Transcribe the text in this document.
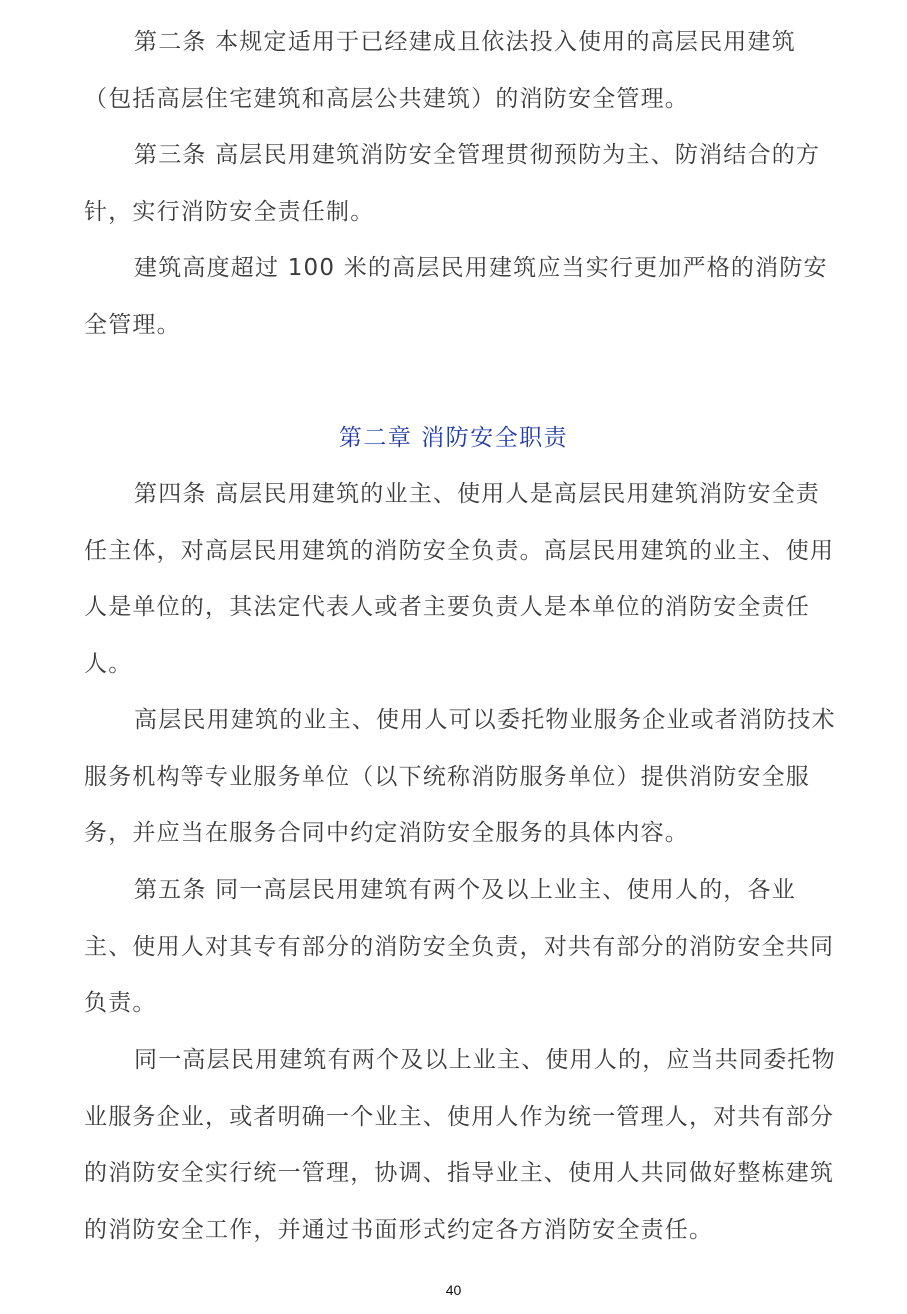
第二条 本规定适用于已经建成且依法投入使用的高层民用建筑（包括高层住宅建筑和高层公共建筑）的消防安全管理。

第三条 高层民用建筑消防安全管理贯彻预防为主、防消结合的方针，实行消防安全责任制。

建筑高度超过 100 米的高层民用建筑应当实行更加严格的消防安全管理。

第二章 消防安全职责

第四条 高层民用建筑的业主、使用人是高层民用建筑消防安全责任主体，对高层民用建筑的消防安全负责。高层民用建筑的业主、使用人是单位的，其法定代表人或者主要负责人是本单位的消防安全责任人。

高层民用建筑的业主、使用人可以委托物业服务企业或者消防技术服务机构等专业服务单位（以下统称消防服务单位）提供消防安全服务，并应当在服务合同中约定消防安全服务的具体内容。

第五条 同一高层民用建筑有两个及以上业主、使用人的，各业主、使用人对其专有部分的消防安全负责，对共有部分的消防安全共同负责。

同一高层民用建筑有两个及以上业主、使用人的，应当共同委托物业服务企业，或者明确一个业主、使用人作为统一管理人，对共有部分的消防安全实行统一管理，协调、指导业主、使用人共同做好整栋建筑的消防安全工作，并通过书面形式约定各方消防安全责任。

40
